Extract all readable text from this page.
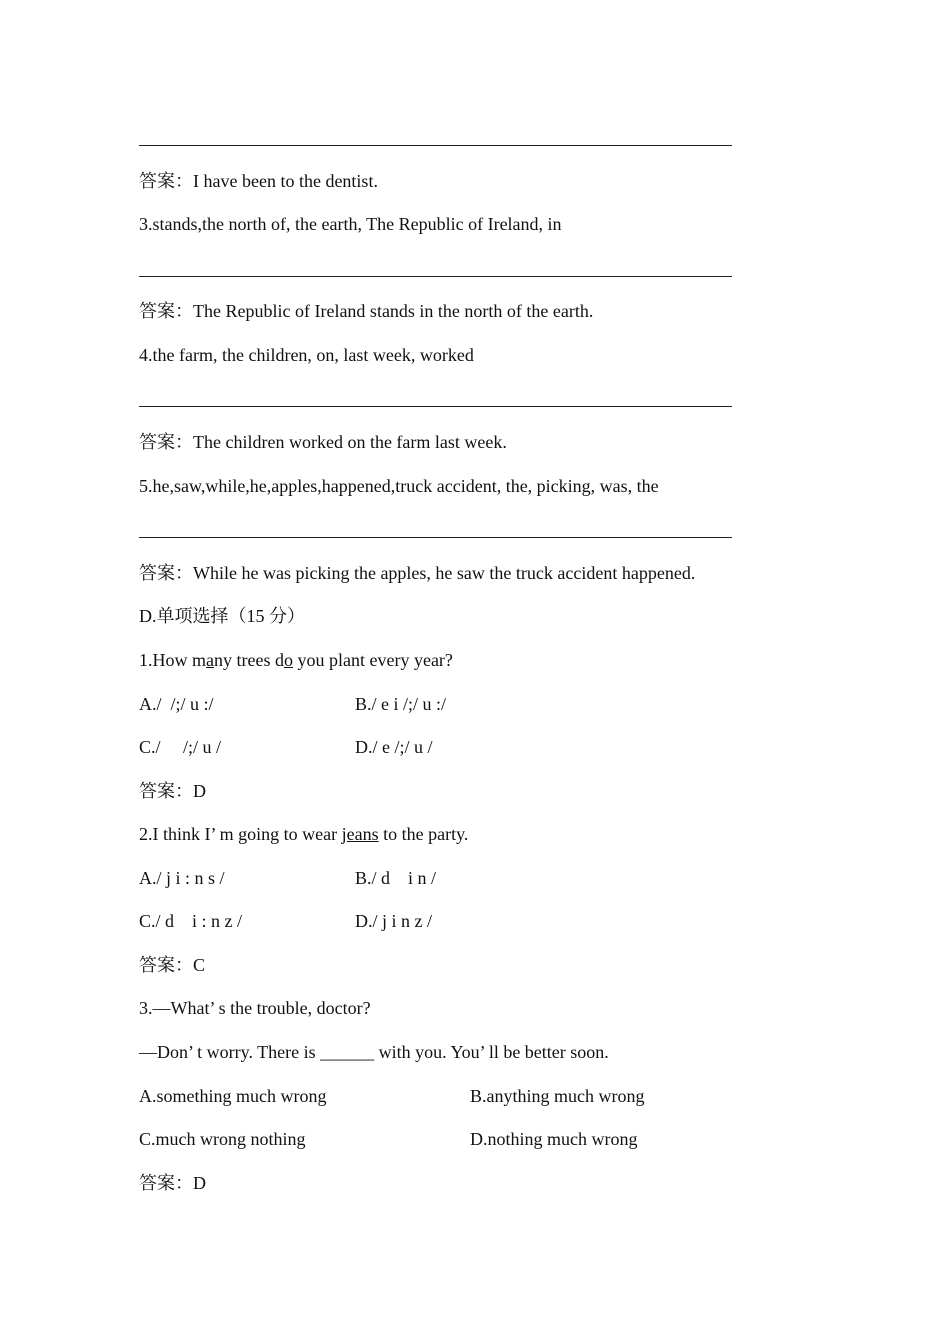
答案：I have been to the dentist.
3.stands,the north of, the earth, The Republic of Ireland, in
答案：The Republic of Ireland stands in the north of the earth.
4.the farm, the children, on, last week, worked
答案：The children worked on the farm last week.
5.he,saw,while,he,apples,happened,truck accident, the, picking, was, the
答案：While he was picking the apples, he saw the truck accident happened.
D.单项选择（15 分）
1.How many trees do you plant every year?
A./ /;/ u :/	B./ e i /;/ u :/
C./   /;/ u /	D./ e /;/ u /
答案：D
2.I think I’ m going to wear jeans to the party.
A./ j i : n s /	B./ d   i n /
C./ d   i : n z /	D./ j i n z /
答案：C
3.—What’ s the trouble, doctor?
—Don’ t worry. There is ______ with you. You’ ll be better soon.
A.something much wrong	B.anything much wrong
C.much wrong nothing	D.nothing much wrong
答案：D
